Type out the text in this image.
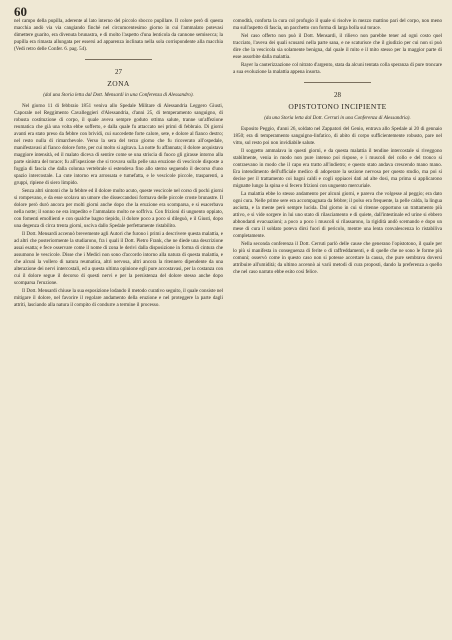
60

nel campo della pupilla, aderente al lato interno del piccolo sbocco pupillare. Il colore però di questa macchia andò via via cangiando finchè nel circumcentesimo giorno in cui l'ammalato potevasi dimettere guarito, era divenuta brunastra, e di molto l'aspetto d'una lenticola da cannone semisecca; la pupilla era rimasta allungata per essersi ad apparenza inclinata nella sola corrispondente alla macchia (Vedi retro delle Confer. 6. pag. 54).

27
ZONA
(dal una Storia letta dal Dott. Mensardi in una Conferenza di Alessandro).

Nel giorno 11 di febbraio 1851 veniva allo Spedale Militare di Alessandria Leggero Giusti, Caporale nel Reggimento Cavalleggieri d'Alessandria, d'anni 25, di temperamento sanguigno, di robusta costituzione di corpo, il quale aveva sempre goduto ottima salute, tranne un'affezione reumatica che già una volta ebbe sofferto, e dalla quale fu attaccato nei primi di febbraio. Di giorni avanti era stato preso da febbre con brividi, cui succedette forte calore, sete, e dolore al fianco destro; nel resto nulla di rimarchevole. Verso la sera del terzo giorno che fu ricoverato all'ospedale, manifestavasi al fianco dolore forte, per cui molto si agitava. La notte fu affannata; il dolore acquistava maggiore intensità, ed il malato diceva di sentire come se una striscia di fuoco gli girasse intorno alla parte sinistra del torace; fu all'ispezione che si trovava sulla pelle una eruzione di vescicole disposte a foggia di fascia che dalla colonna vertebrale si estendeva fino allo sterno seguendo il decorso d'uno spazio intercostale. La cute intorno era arrossata e tumefatta, e le vescicole piccole, trasparenti, a gruppi, ripiene di siero limpido.

Senza altri sintomi che la febbre ed il dolore molto acuto, queste vescicole nel corso di pochi giorni si rompevano, e da esse scolava un umore che disseccandosi formava delle piccole croste brunastre. Il dolore però durò ancora per molti giorni anche dopo che la eruzione era scomparsa, e si esacerbava nella notte; il sonno ne era impedito e l'ammalato molto ne soffriva. Con frizioni di unguento oppiato, con fomenti emollienti e con qualche bagno tiepido, il dolore poco a poco si dileguò, e il Giusti, dopo una degenza di circa trenta giorni, usciva dallo Spedale perfettamente ristabilito.

Il Dott. Mensardi accennò brevemente agli Autori che furono i primi a descrivere questa malattia, e ad altri che posteriormente la studiarono, fra i quali il Dott. Pietro Frank, che ne diede una descrizione assai esatta; e fece osservare come il nome di zona le derivi dalla disposizione in forma di cintura che assumono le vescicole. Disse che i Medici non sono d'accordo intorno alla natura di questa malattia, e che alcuni la vollero di natura reumatica, altri nervosa, altri ancora la ritennero dipendente da una alterazione dei nervi intercostali, ed a questa ultima opinione egli pure accostavasi, per la costanza con cui il dolore segue il decorso di questi nervi e per la persistenza del dolore stesso anche dopo scomparsa l'eruzione.

Il Dott. Mensardi chiuse la sua esposizione lodando il metodo curativo seguito, il quale consiste nel mitigare il dolore, nel favorire il regolare andamento della eruzione e nel proteggere la parte dagli attriti, lasciando alla natura il compito di condurre a termine il processo.

comodità, conforta la cura col profugio il quale si risolve in mezzo mattino pari del corpo, non meno ma sull'aspetto di fascia, un pacchetto con forma di larga bolla sul torace.

Nel caso offerto non può il Dott. Mensardi, il rilievo non parebbe tener ad ogni costo quel tracciato, l'aveva dei quali scusarsi nella parte sana, e ne scaturisce che il giudizio per cui non si può dire che la vescicola sia solamente benigna, dal quale il mito e il mito stesso per la maggior parte di esse assorbite dalla malattia.

Rayer la cauterizzazione col nitrato d'argento, stata da alcuni tentata colla speranza di pure troncare a sua evoluzione la malattia appena insorta.

28
OPISTOTONO INCIPIENTE
(da una Storia letta dal Dott. Cerruti in una Conferenza di Alessandria).

Esposito Peggio, d'anni 26, soldato nel Zappatori del Genio, entrava allo Spedale ai 20 di gennaio 1850; era di temperamento sanguigno-linfatico, di abito di corpo sufficientemente robusto, pare nel vitto, sul resto poi non invidiabile salute.

Il soggetto ammalava in questi giorni, e da questa malattia il tendine intercostale si riveggono stabilmente, venia in modo non pure intenso poi rispose, e i muscoli del collo e del tronco si contraevano in modo che il capo era tratto all'indietro; e questo stato andava crescendo mano mano. Era intendimento dell'ufficiale medico di adoperare la sezione nervosa per questo studio, ma poi si decise per il trattamento coi bagni caldi e cogli oppiacei dati ad alte dosi, ma prima si applicarono mignatte lungo la spina e si fecero frizioni con unguento mercuriale.

La malattia ebbe lo stesso andamento per alcuni giorni, e pareva che volgesse al peggio; era dato ogni cura. Nelle prime sere era accompagnata da febbre; il polso era frequente, la pelle calda, la lingua asciutta, e la mente però sempre lucida. Dal giorno in cui si ritenne opportuno un trattamento più attivo, e si vide sorgere in lui uno stato di rilasciamento e di quiete, dall'intestinale ed urine si ebbero abbondanti evacuazioni; a poco a poco i muscoli si rilassarono, la rigidità andò scemando e dopo un mese di cura il soldato poteva dirsi fuori di pericolo, mentre una lenta convalescenza lo ristabiliva completamente.

Nella seconda conferenza il Dott. Cerruti parlò delle cause che generano l'opistotono, il quale per lo più si manifesta in conseguenza di ferite o di raffreddamenti, e di quelle che ne sono le forme più comuni; osservò come in questo caso non si potesse accertare la causa, che pure sembrava doversi attribuire all'umidità; da ultimo accennò ai varii metodi di cura proposti, dando la preferenza a quello che nel caso narrato ebbe esito così felice.
